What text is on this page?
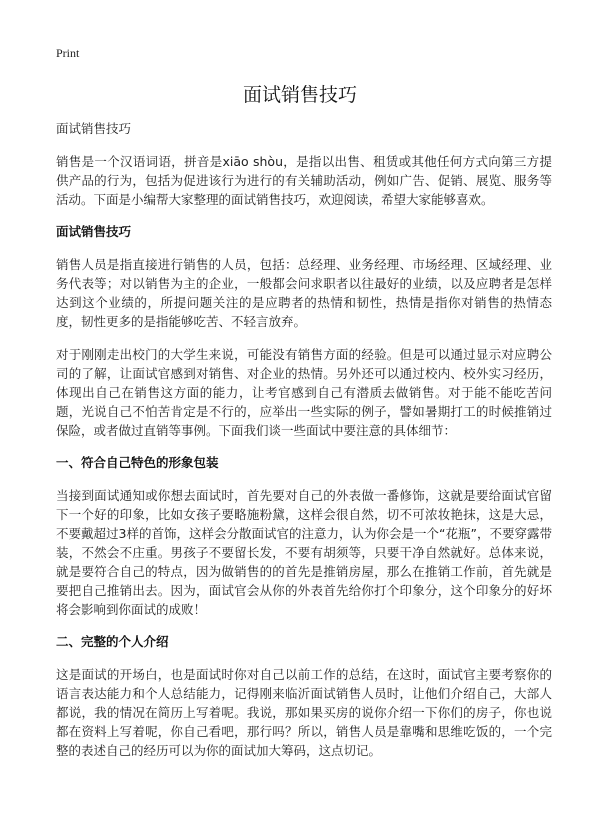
Print
面试销售技巧

面试销售技巧

销售是一个汉语词语，拼音是xiāo shòu，是指以出售、租赁或其他任何方式向第三方提供产品的行为，包括为促进该行为进行的有关辅助活动，例如广告、促销、展览、服务等活动。下面是小编帮大家整理的面试销售技巧，欢迎阅读，希望大家能够喜欢。

面试销售技巧

销售人员是指直接进行销售的人员，包括：总经理、业务经理、市场经理、区域经理、业务代表等；对以销售为主的企业，一般都会问求职者以往最好的业绩，以及应聘者是怎样达到这个业绩的，所提问题关注的是应聘者的热情和韧性，热情是指你对销售的热情态度，韧性更多的是指能够吃苦、不轻言放弃。

对于刚刚走出校门的大学生来说，可能没有销售方面的经验。但是可以通过显示对应聘公司的了解，让面试官感到对销售、对企业的热情。另外还可以通过校内、校外实习经历，体现出自己在销售这方面的能力，让考官感到自己有潜质去做销售。对于能不能吃苦问题，光说自己不怕苦肯定是不行的，应举出一些实际的例子，譬如暑期打工的时候推销过保险，或者做过直销等事例。下面我们谈一些面试中要注意的具体细节：

一、符合自己特色的形象包装

当接到面试通知或你想去面试时，首先要对自己的外表做一番修饰，这就是要给面试官留下一个好的印象，比如女孩子要略施粉黛，这样会很自然，切不可浓妆艳抹，这是大忌，不要戴超过3样的首饰，这样会分散面试官的注意力，认为你会是一个“花瓶”，不要穿露带装，不然会不庄重。男孩子不要留长发，不要有胡须等，只要干净自然就好。总体来说，就是要符合自己的特点，因为做销售的的首先是推销房屋，那么在推销工作前，首先就是要把自己推销出去。因为，面试官会从你的外表首先给你打个印象分，这个印象分的好坏将会影响到你面试的成败！

二、完整的个人介绍

这是面试的开场白，也是面试时你对自己以前工作的总结，在这时，面试官主要考察你的语言表达能力和个人总结能力，记得刚来临沂面试销售人员时，让他们介绍自己，大部人都说，我的情况在简历上写着呢。我说，那如果买房的说你介绍一下你们的房子，你也说都在资料上写着呢，你自己看吧，那行吗？所以，销售人员是靠嘴和思维吃饭的，一个完整的表述自己的经历可以为你的面试加大筹码，这点切记。
